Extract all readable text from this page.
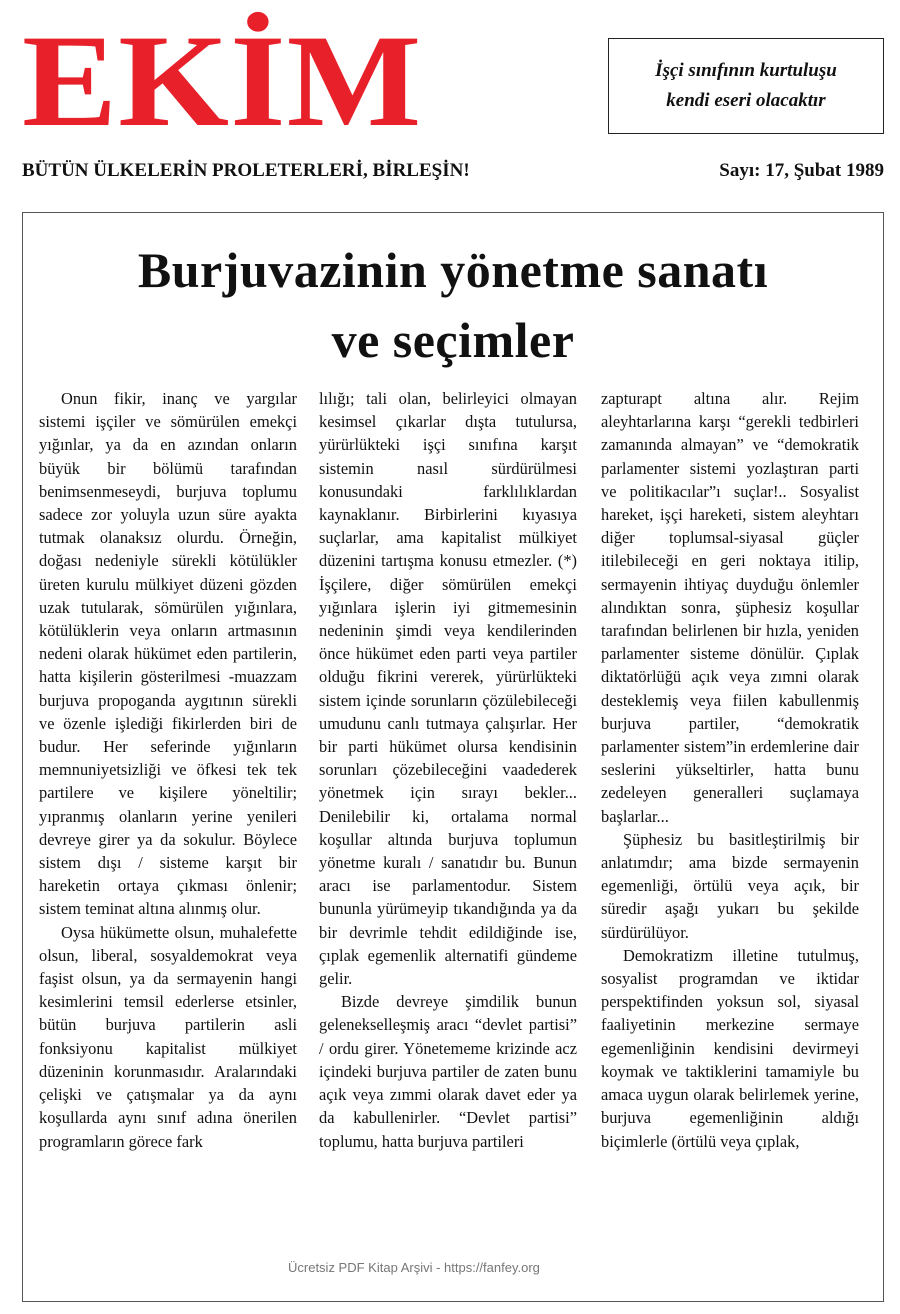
EKİM	İşçi sınıfının kurtuluşu
kendi eseri olacaktır
BÜTÜN ÜLKELERİN PROLETERLERİ, BİRLEŞİN!	Sayı: 17, Şubat 1989
Burjuvazinin yönetme sanatı
ve seçimler

Onun fikir, inanç ve yargılar sistemi işçiler ve sömürülen emekçi yığınlar, ya da en azından onların büyük bir bölümü tarafından benimsenmeseydi, burjuva toplumu sadece zor yoluyla uzun süre ayakta tutmak olanaksız olurdu. Örneğin, doğası nedeniyle sürekli kötülükler üreten kurulu mülkiyet düzeni gözden uzak tutularak, sömürülen yığınlara, kötülüklerin veya onların artmasının nedeni olarak hükümet eden partilerin, hatta kişilerin gösterilmesi -muazzam burjuva propoganda aygıtının sürekli ve özenle işlediği fikirlerden biri de budur. Her seferinde yığınların memnuniyetsizliği ve öfkesi tek tek partilere ve kişilere yöneltilir; yıpranmış olanların yerine yenileri devreye girer ya da sokulur. Böylece sistem dışı / sisteme karşıt bir hareketin ortaya çıkması önlenir; sistem teminat altına alınmış olur.

Oysa hükümette olsun, muhalefette olsun, liberal, sosyaldemokrat veya faşist olsun, ya da sermayenin hangi kesimlerini temsil ederlerse etsinler, bütün burjuva partilerin asli fonksiyonu kapitalist mülkiyet düzeninin korunmasıdır. Aralarındaki çelişki ve çatışmalar ya da aynı koşullarda aynı sınıf adına önerilen programların görece fark

lılığı; tali olan, belirleyici olmayan kesimsel çıkarlar dışta tutulursa, yürürlükteki işçi sınıfına karşıt sistemin nasıl sürdürülmesi konusundaki farklılıklardan kaynaklanır. Birbirlerini kıyasıya suçlarlar, ama kapitalist mülkiyet düzenini tartışma konusu etmezler. (*) İşçilere, diğer sömürülen emekçi yığınlara işlerin iyi gitmemesinin nedeninin şimdi veya kendilerinden önce hükümet eden parti veya partiler olduğu fikrini vererek, yürürlükteki sistem içinde sorunların çözülebileceği umudunu canlı tutmaya çalışırlar. Her bir parti hükümet olursa kendisinin sorunları çözebileceğini vaadederek yönetmek için sırayı bekler... Denilebilir ki, ortalama normal koşullar altında burjuva toplumun yönetme kuralı / sanatıdır bu. Bunun aracı ise parlamentodur. Sistem bununla yürümeyip tıkandığında ya da bir devrimle tehdit edildiğinde ise, çıplak egemenlik alternatifi gündeme gelir.

Bizde devreye şimdilik bunun gelenekselleşmiş aracı “devlet partisi” / ordu girer. Yönetememe krizinde acz içindeki burjuva partiler de zaten bunu açık veya zımmi olarak davet eder ya da kabullenirler. “Devlet partisi” toplumu, hatta burjuva partileri

zapturapt altına alır. Rejim aleyhtarlarına karşı “gerekli tedbirleri zamanında almayan” ve “demokratik parlamenter sistemi yozlaştıran parti ve politikacılar”ı suçlar!.. Sosyalist hareket, işçi hareketi, sistem aleyhtarı diğer toplumsal-siyasal güçler itilebileceği en geri noktaya itilip, sermayenin ihtiyaç duyduğu önlemler alındıktan sonra, şüphesiz koşullar tarafından belirlenen bir hızla, yeniden parlamenter sisteme dönülür. Çıplak diktatörlüğü açık veya zımni olarak desteklemiş veya fiilen kabullenmiş burjuva partiler, “demokratik parlamenter sistem”in erdemlerine dair seslerini yükseltirler, hatta bunu zedeleyen generalleri suçlamaya başlarlar...

Şüphesiz bu basitleştirilmiş bir anlatımdır; ama bizde sermayenin egemenliği, örtülü veya açık, bir süredir aşağı yukarı bu şekilde sürdürülüyor.

Demokratizm illetine tutulmuş, sosyalist programdan ve iktidar perspektifinden yoksun sol, siyasal faaliyetinin merkezine sermaye egemenliğinin kendisini devirmeyi koymak ve taktiklerini tamamiyle bu amaca uygun olarak belirlemek yerine, burjuva egemenliğinin aldığı biçimlerle (örtülü veya çıplak,

Ücretsiz PDF Kitap Arşivi - https://fanfey.org
